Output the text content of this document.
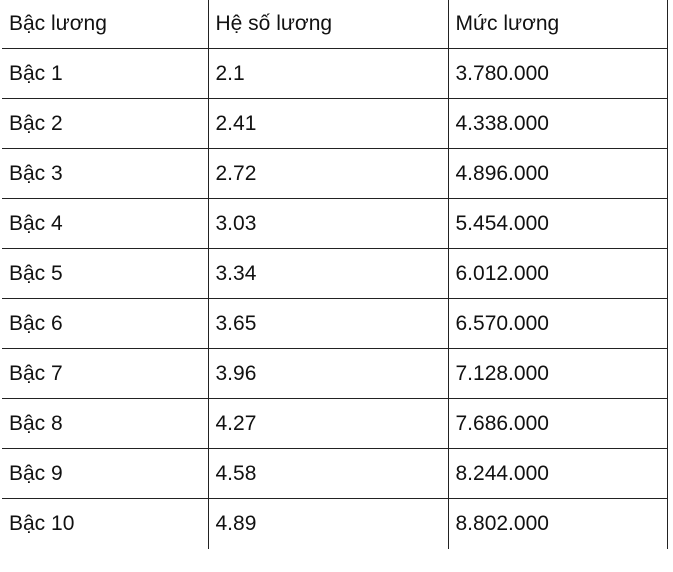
Bậc lương	Hệ số lương	Mức lương
Bậc 1	2.1	3.780.000
Bậc 2	2.41	4.338.000
Bậc 3	2.72	4.896.000
Bậc 4	3.03	5.454.000
Bậc 5	3.34	6.012.000
Bậc 6	3.65	6.570.000
Bậc 7	3.96	7.128.000
Bậc 8	4.27	7.686.000
Bậc 9	4.58	8.244.000
Bậc 10	4.89	8.802.000
